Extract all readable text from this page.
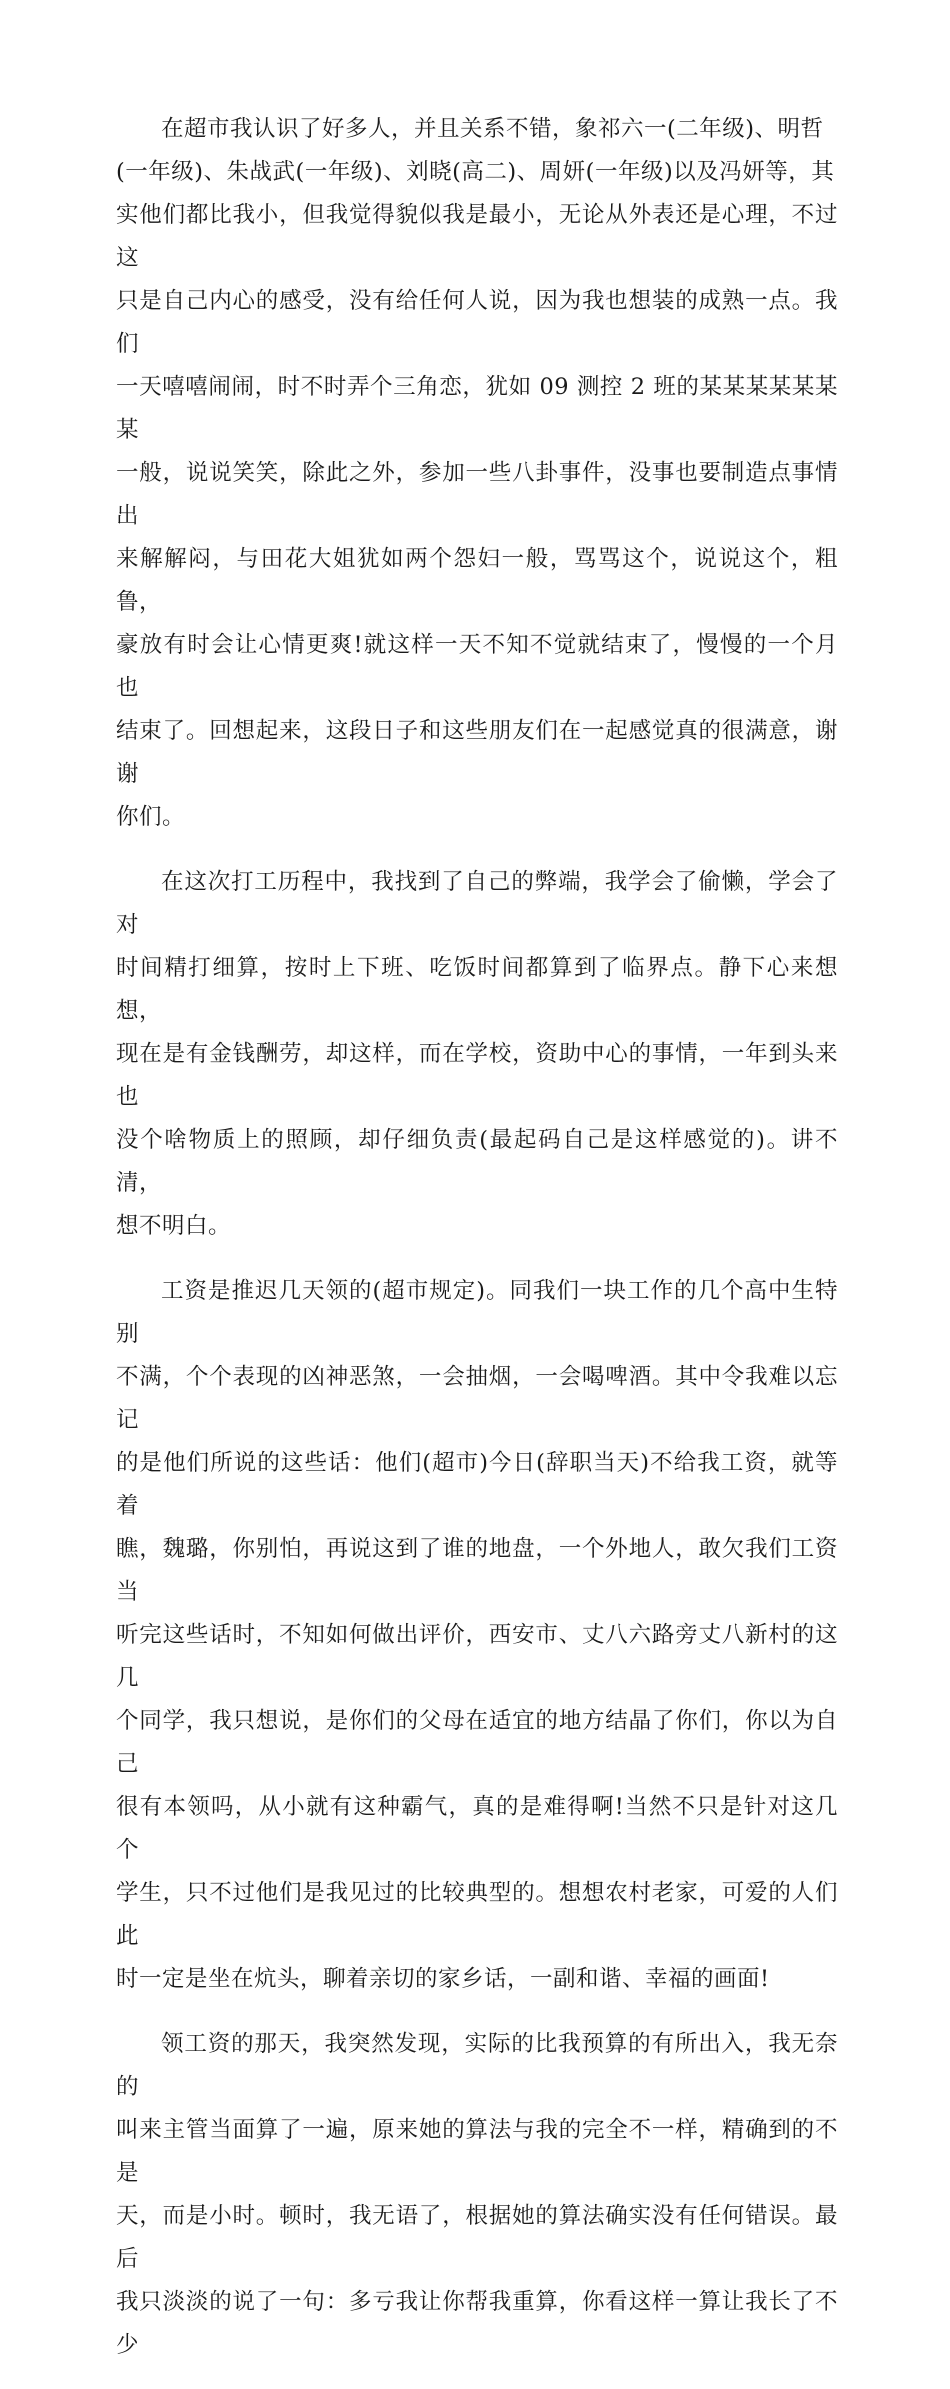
在超市我认识了好多人，并且关系不错，象祁六一(二年级)、明哲
(一年级)、朱战武(一年级)、刘晓(高二)、周妍(一年级)以及冯妍等，其
实他们都比我小，但我觉得貌似我是最小，无论从外表还是心理，不过这
只是自己内心的感受，没有给任何人说，因为我也想装的成熟一点。我们
一天嘻嘻闹闹，时不时弄个三角恋，犹如 09 测控 2 班的某某某某某某某
一般，说说笑笑，除此之外，参加一些八卦事件，没事也要制造点事情出
来解解闷，与田花大姐犹如两个怨妇一般，骂骂这个，说说这个，粗鲁，
豪放有时会让心情更爽!就这样一天不知不觉就结束了，慢慢的一个月也
结束了。回想起来，这段日子和这些朋友们在一起感觉真的很满意，谢谢
你们。

在这次打工历程中，我找到了自己的弊端，我学会了偷懒，学会了对
时间精打细算，按时上下班、吃饭时间都算到了临界点。静下心来想想，
现在是有金钱酬劳，却这样，而在学校，资助中心的事情，一年到头来也
没个啥物质上的照顾，却仔细负责(最起码自己是这样感觉的)。讲不清，
想不明白。

工资是推迟几天领的(超市规定)。同我们一块工作的几个高中生特别
不满，个个表现的凶神恶煞，一会抽烟，一会喝啤酒。其中令我难以忘记
的是他们所说的这些话：他们(超市)今日(辞职当天)不给我工资，就等着
瞧，魏璐，你别怕，再说这到了谁的地盘，一个外地人，敢欠我们工资当
听完这些话时，不知如何做出评价，西安市、丈八六路旁丈八新村的这几
个同学，我只想说，是你们的父母在适宜的地方结晶了你们，你以为自己
很有本领吗，从小就有这种霸气，真的是难得啊!当然不只是针对这几个
学生，只不过他们是我见过的比较典型的。想想农村老家，可爱的人们此
时一定是坐在炕头，聊着亲切的家乡话，一副和谐、幸福的画面!

领工资的那天，我突然发现，实际的比我预算的有所出入，我无奈的
叫来主管当面算了一遍，原来她的算法与我的完全不一样，精确到的不是
天，而是小时。顿时，我无语了，根据她的算法确实没有任何错误。最后
我只淡淡的说了一句：多亏我让你帮我重算，你看这样一算让我长了不少
